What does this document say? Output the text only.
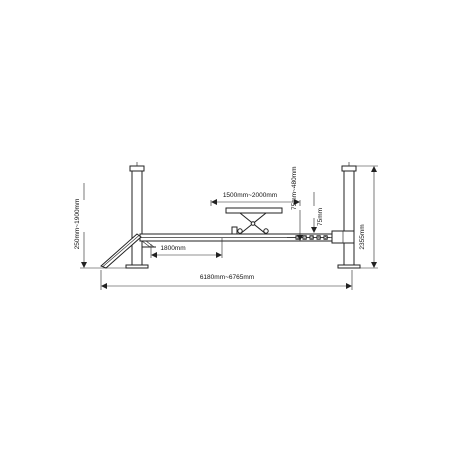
1 2 3 4 5
6180mm~6765mm
1800mm
1500mm~2000mm 75mm~480mm
75mm
2355mm
250mm~1900mm
